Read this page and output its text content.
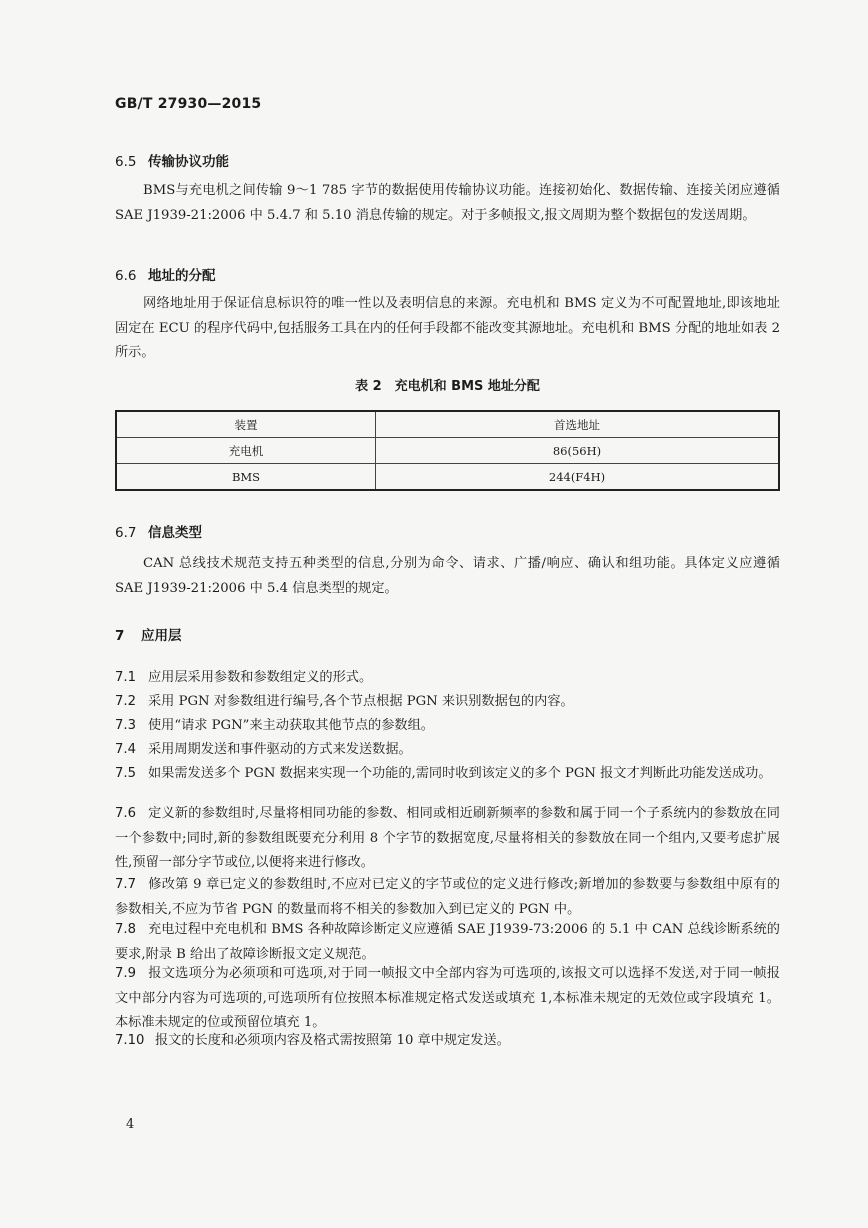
GB/T 27930—2015
6.5 传输协议功能

BMS与充电机之间传输 9～1 785 字节的数据使用传输协议功能。连接初始化、数据传输、连接关闭应遵循 SAE J1939-21:2006 中 5.4.7 和 5.10 消息传输的规定。对于多帧报文,报文周期为整个数据包的发送周期。

6.6 地址的分配

网络地址用于保证信息标识符的唯一性以及表明信息的来源。充电机和 BMS 定义为不可配置地址,即该地址固定在 ECU 的程序代码中,包括服务工具在内的任何手段都不能改变其源地址。充电机和 BMS 分配的地址如表 2 所示。

表 2　充电机和 BMS 地址分配
装置	首选地址
充电机	86(56H)
BMS	244(F4H)
6.7 信息类型

CAN 总线技术规范支持五种类型的信息,分别为命令、请求、广播/响应、确认和组功能。具体定义应遵循 SAE J1939-21:2006 中 5.4 信息类型的规定。

7 应用层

7.1 应用层采用参数和参数组定义的形式。

7.2 采用 PGN 对参数组进行编号,各个节点根据 PGN 来识别数据包的内容。

7.3 使用“请求 PGN”来主动获取其他节点的参数组。

7.4 采用周期发送和事件驱动的方式来发送数据。

7.5 如果需发送多个 PGN 数据来实现一个功能的,需同时收到该定义的多个 PGN 报文才判断此功能发送成功。

7.6 定义新的参数组时,尽量将相同功能的参数、相同或相近刷新频率的参数和属于同一个子系统内的参数放在同一个参数中;同时,新的参数组既要充分利用 8 个字节的数据宽度,尽量将相关的参数放在同一个组内,又要考虑扩展性,预留一部分字节或位,以便将来进行修改。

7.7 修改第 9 章已定义的参数组时,不应对已定义的字节或位的定义进行修改;新增加的参数要与参数组中原有的参数相关,不应为节省 PGN 的数量而将不相关的参数加入到已定义的 PGN 中。

7.8 充电过程中充电机和 BMS 各种故障诊断定义应遵循 SAE J1939-73:2006 的 5.1 中 CAN 总线诊断系统的要求,附录 B 给出了故障诊断报文定义规范。

7.9 报文选项分为必须项和可选项,对于同一帧报文中全部内容为可选项的,该报文可以选择不发送,对于同一帧报文中部分内容为可选项的,可选项所有位按照本标准规定格式发送或填充 1,本标准未规定的无效位或字段填充 1。本标准未规定的位或预留位填充 1。

7.10 报文的长度和必须项内容及格式需按照第 10 章中规定发送。

4
